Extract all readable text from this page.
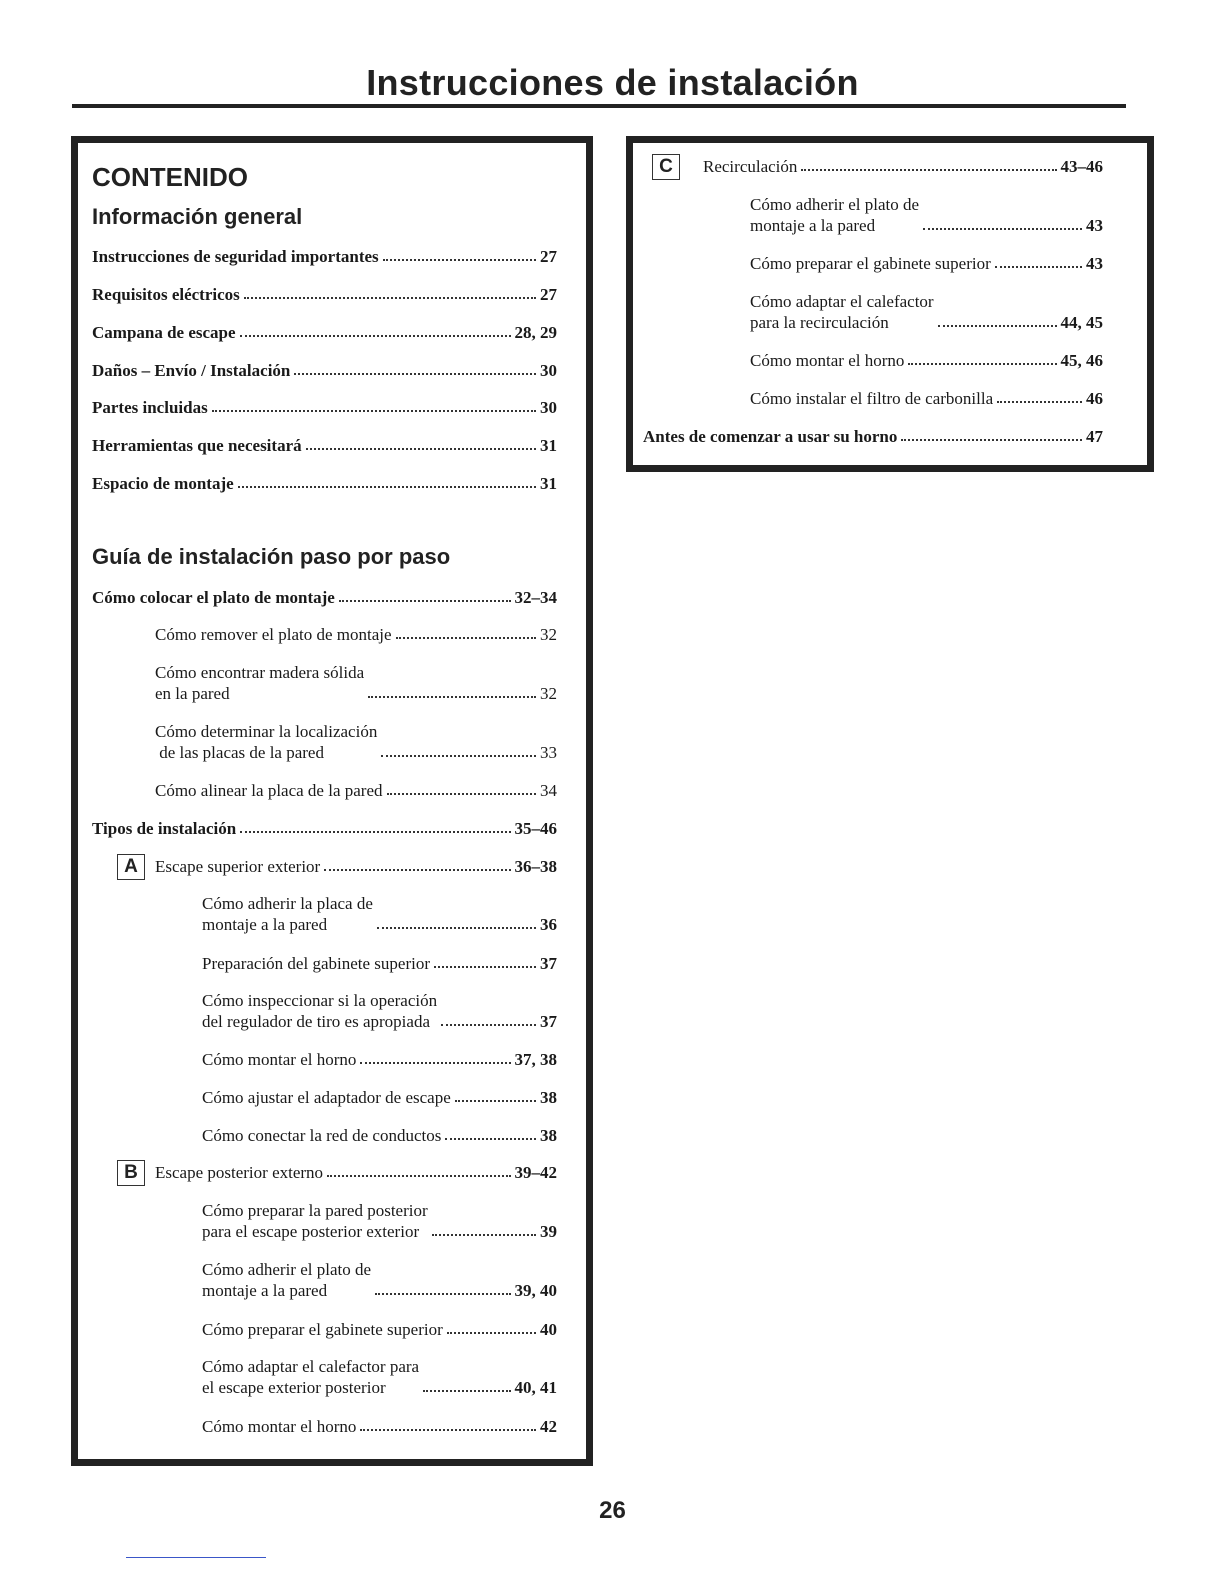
Instrucciones de instalación
CONTENIDO
Información general
Instrucciones de seguridad importantes	27
Requisitos eléctricos	27
Campana de escape	28, 29
Daños – Envío / Instalación	30
Partes incluidas	30
Herramientas que necesitará	31
Espacio de montaje	31
Guía de instalación paso por paso
Cómo colocar el plato de montaje	32–34
Cómo remover el plato de montaje	32
Cómo encontrar madera sólida
en la pared	32
Cómo determinar la localización
de las placas de la pared	33
Cómo alinear la placa de la pared	34
Tipos de instalación	35–46
A	Escape superior exterior	36–38
Cómo adherir la placa de
montaje a la pared	36
Preparación del gabinete superior	37
Cómo inspeccionar si la operación
del regulador de tiro es apropiada	37
Cómo montar el horno	37, 38
Cómo ajustar el adaptador de escape	38
Cómo conectar la red de conductos	38
B	Escape posterior externo	39–42
Cómo preparar la pared posterior
para el escape posterior exterior	39
Cómo adherir el plato de
montaje a la pared	39, 40
Cómo preparar el gabinete superior	40
Cómo adaptar el calefactor para
el escape exterior posterior	40, 41
Cómo montar el horno	42
C	Recirculación	43–46
Cómo adherir el plato de
montaje a la pared	43
Cómo preparar el gabinete superior	43
Cómo adaptar el calefactor
para la recirculación	44, 45
Cómo montar el horno	45, 46
Cómo instalar el filtro de carbonilla	46
Antes de comenzar a usar su horno	47
26
